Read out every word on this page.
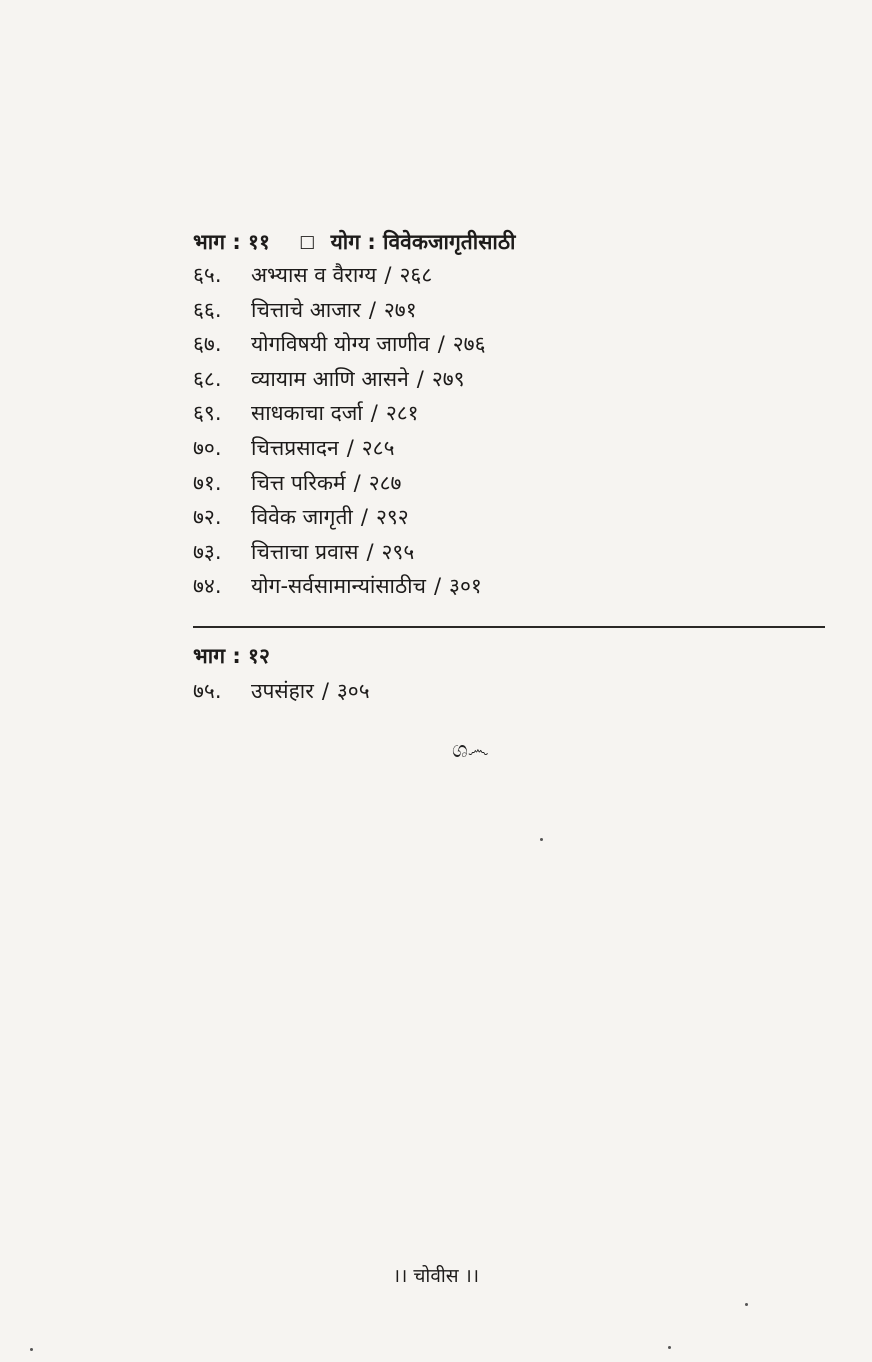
भाग : ११ □ योग : विवेकजागृतीसाठी
६५. अभ्यास व वैराग्य / २६८
६६. चित्ताचे आजार / २७१
६७. योगविषयी योग्य जाणीव / २७६
६८. व्यायाम आणि आसने / २७९
६९. साधकाचा दर्जा / २८१
७०. चित्तप्रसादन / २८५
७१. चित्त परिकर्म / २८७
७२. विवेक जागृती / २९२
७३. चित्ताचा प्रवास / २९५
७४. योग-सर्वसामान्यांसाठीच / ३०१
भाग : १२
७५. उपसंहार / ३०५
ශ෴
।। चोवीस ।।
